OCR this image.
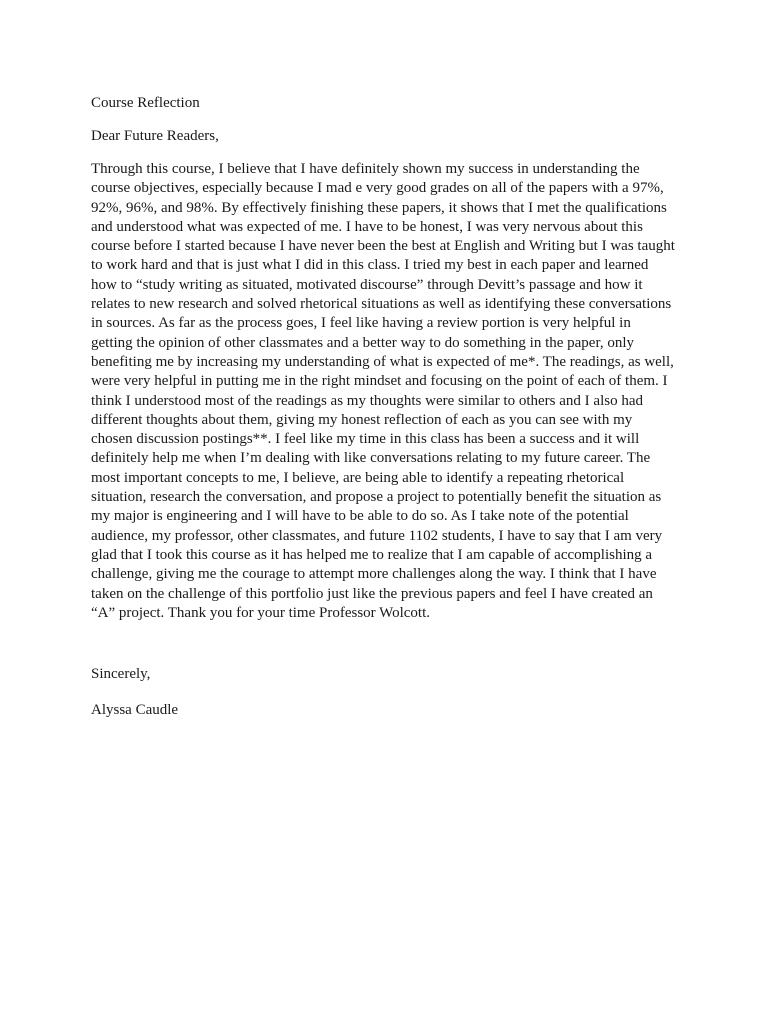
Course Reflection
Dear Future Readers,
Through this course, I believe that I have definitely shown my success in understanding the
course objectives, especially because I mad e very good grades on all of the papers with a 97%,
92%, 96%, and 98%. By effectively finishing these papers, it shows that I met the qualifications
and understood what was expected of me. I have to be honest, I was very nervous about this
course before I started because I have never been the best at English and Writing but I was taught
to work hard and that is just what I did in this class. I tried my best in each paper and learned
how to “study writing as situated, motivated discourse” through Devitt’s passage and how it
relates to new research and solved rhetorical situations as well as identifying these conversations
in sources. As far as the process goes, I feel like having a review portion is very helpful in
getting the opinion of other classmates and a better way to do something in the paper, only
benefiting me by increasing my understanding of what is expected of me*. The readings, as well,
were very helpful in putting me in the right mindset and focusing on the point of each of them. I
think I understood most of the readings as my thoughts were similar to others and I also had
different thoughts about them, giving my honest reflection of each as you can see with my
chosen discussion postings**. I feel like my time in this class has been a success and it will
definitely help me when I’m dealing with like conversations relating to my future career. The
most important concepts to me, I believe, are being able to identify a repeating rhetorical
situation, research the conversation, and propose a project to potentially benefit the situation as
my major is engineering and I will have to be able to do so. As I take note of the potential
audience, my professor, other classmates, and future 1102 students, I have to say that I am very
glad that I took this course as it has helped me to realize that I am capable of accomplishing a
challenge, giving me the courage to attempt more challenges along the way. I think that I have
taken on the challenge of this portfolio just like the previous papers and feel I have created an
“A” project. Thank you for your time Professor Wolcott.
Sincerely,
Alyssa Caudle
